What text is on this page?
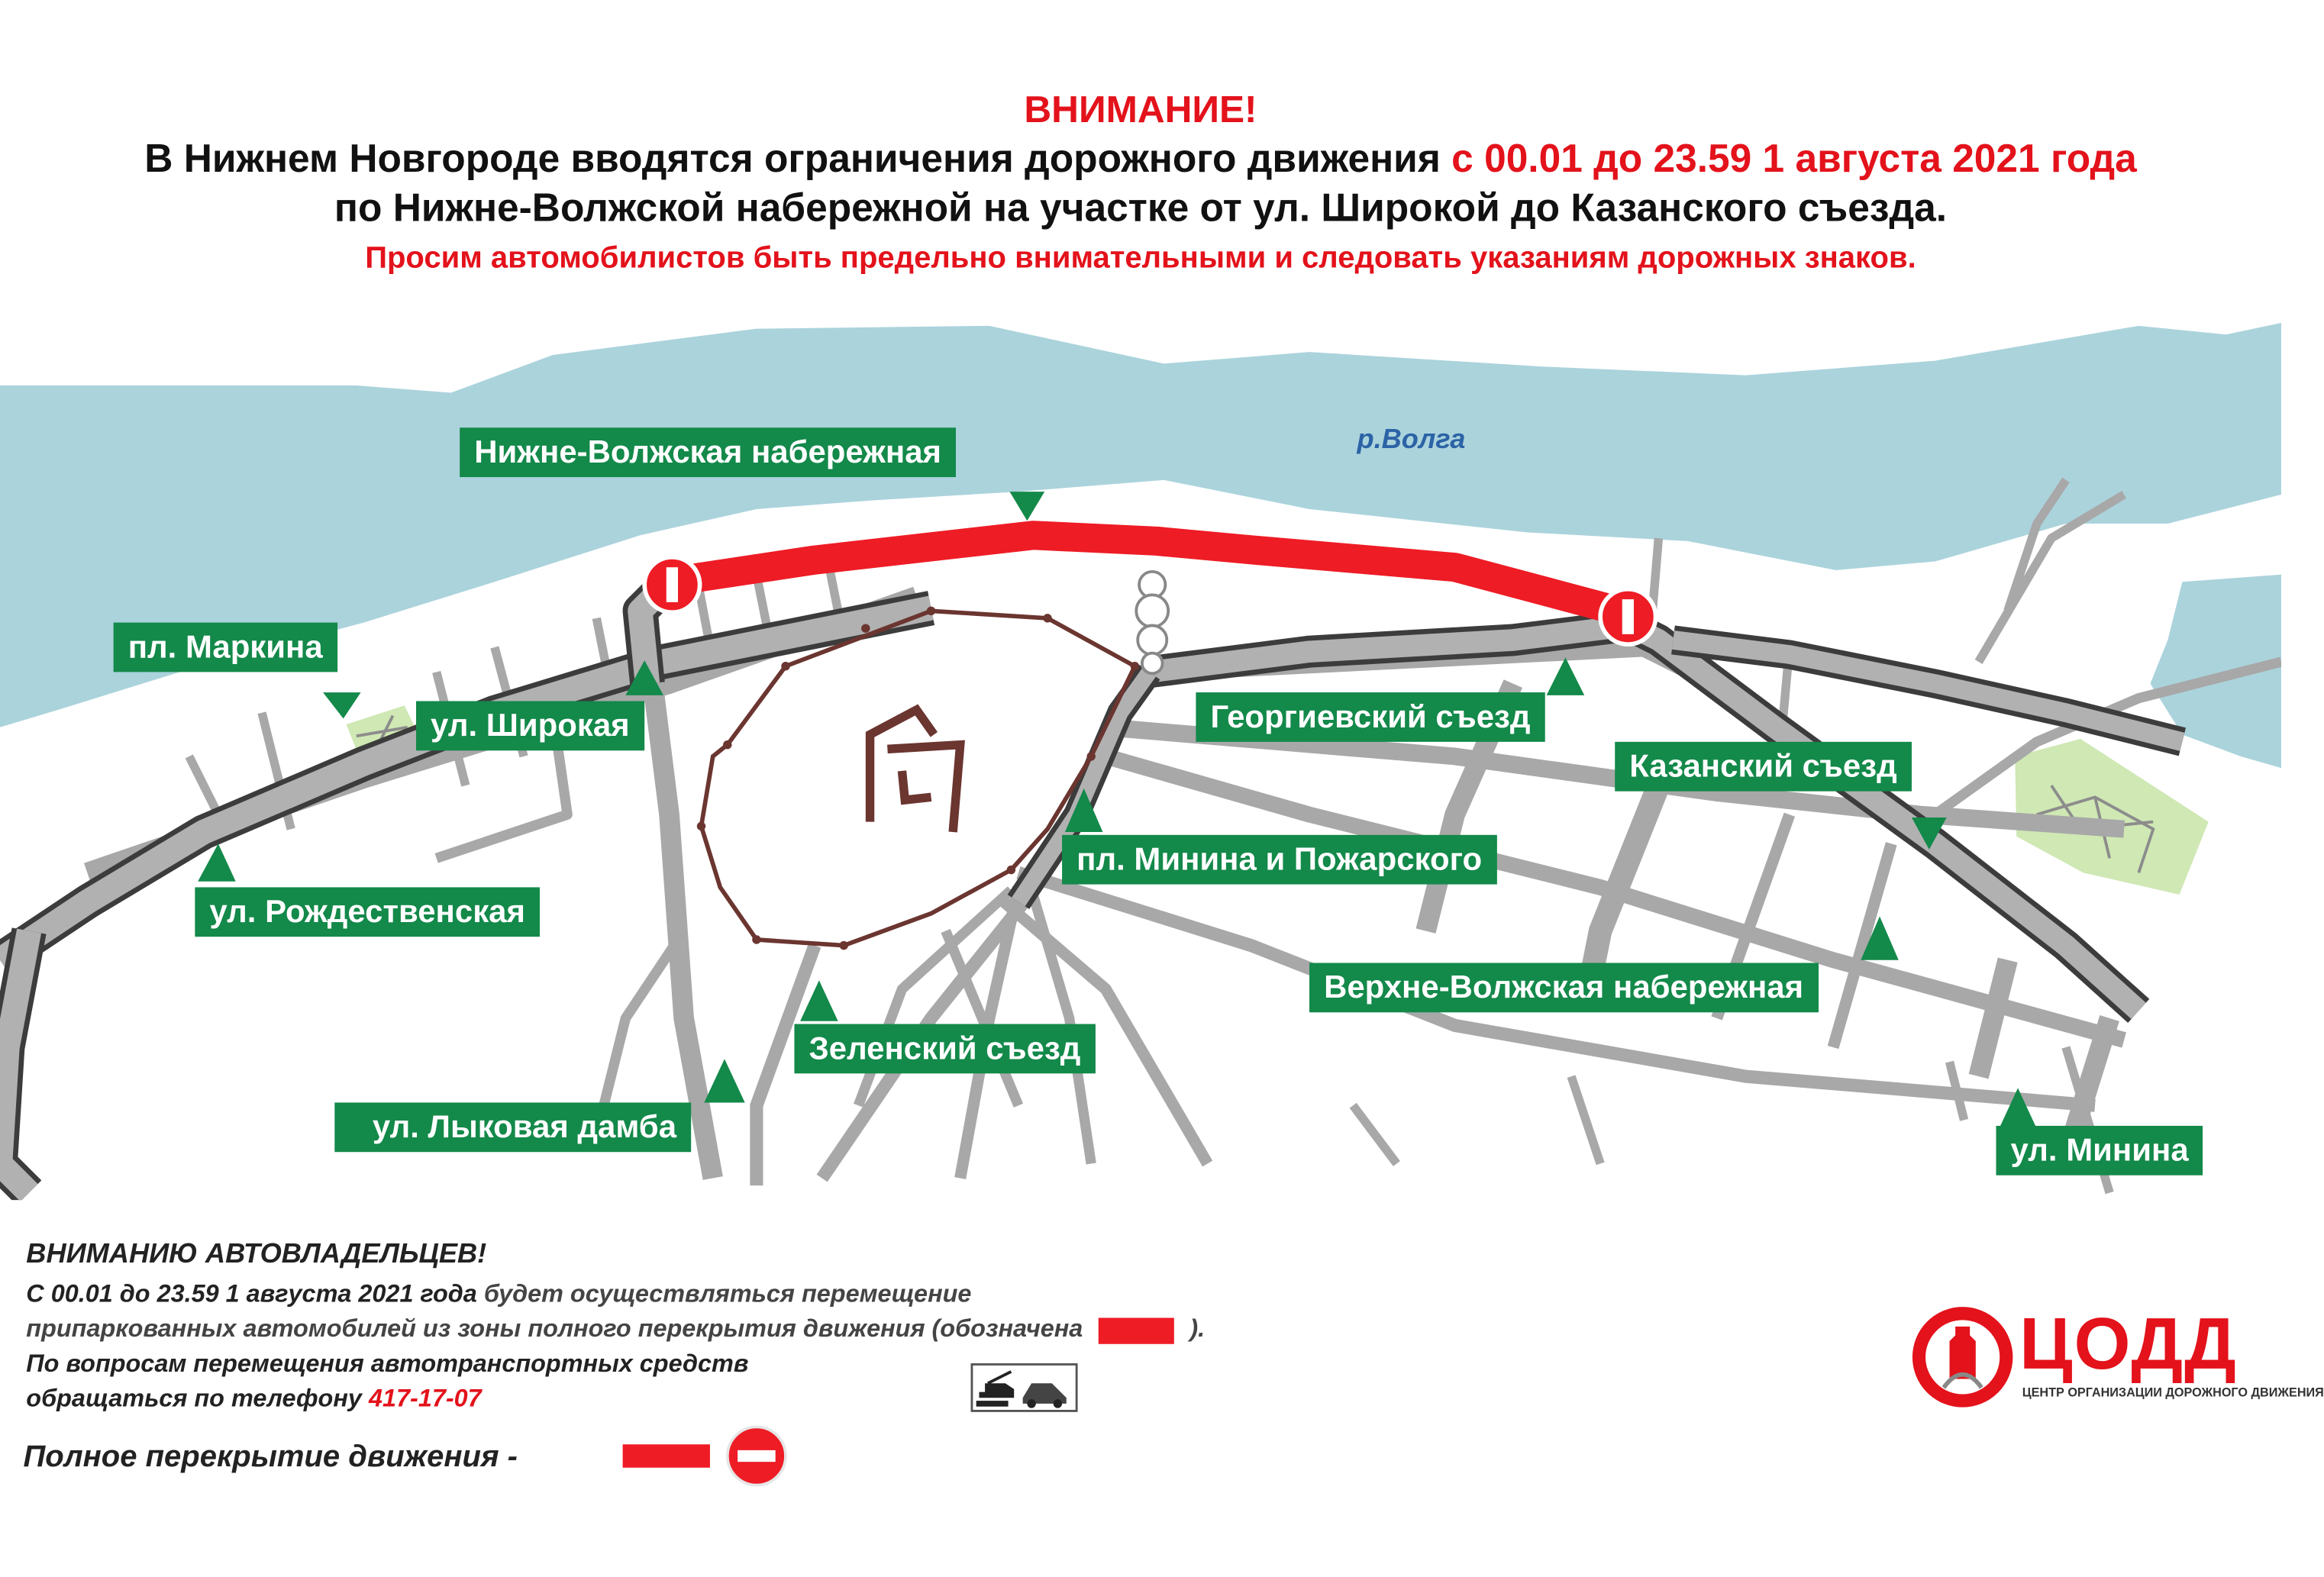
ВНИМАНИЕ!
В Нижнем Новгороде вводятся ограничения дорожного движения с 00.01 до 23.59 1 августа 2021 года
по Нижне-Волжской набережной на участке от ул. Широкой до Казанского съезда.
Просим автомобилистов быть предельно внимательными и следовать указаниям дорожных знаков.
р.Волга
Нижне-Волжская набережная
пл. Маркина
ул. Широкая
ул. Рождественская
Георгиевский съезд
Казанский съезд
пл. Минина и Пожарского
Верхне-Волжская набережная
Зеленский съезд
ул. Лыковая дамба
ул. Минина
ВНИМАНИЮ АВТОВЛАДЕЛЬЦЕВ!
С 00.01 до 23.59 1 августа 2021 года будет осуществляться перемещение
припаркованных автомобилей из зоны полного перекрытия движения (обозначена	).
По вопросам перемещения автотранспортных средств
обращаться по телефону 417-17-07
Полное перекрытие движения -
ЦОДД
ЦЕНТР ОРГАНИЗАЦИИ ДОРОЖНОГО ДВИЖЕНИЯ
